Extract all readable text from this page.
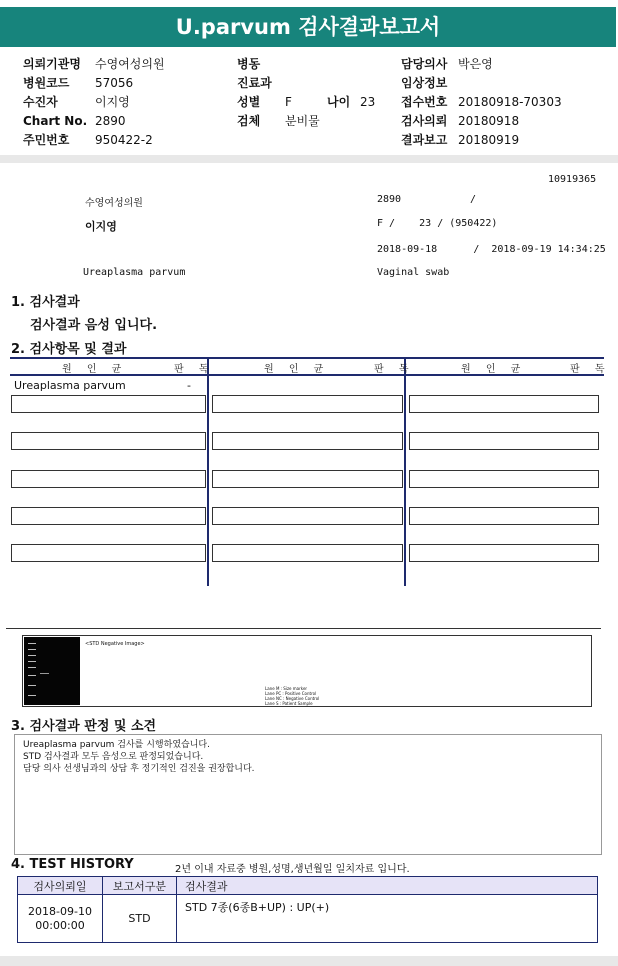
U.parvum 검사결과보고서
의뢰기관명 수영여성의원
병원코드 57056
수진자	이지영
Chart No. 2890
주민번호 950422-2
병동
진료과
성별 F	나이 23
검체 분비물
담당의사 박은영
임상정보
접수번호 20180918-70303
검사의뢰 20180918
결과보고 20180919
10919365
수영여성의원	2890	/
이지영	F /    23 / (950422)
2018-09-18      /  2018-09-19 14:34:25
Ureaplasma parvum	Vaginal swab
1. 검사결과
검사결과 음성 입니다.
2. 검사항목 및 결과
원 인 균	판 독	원 인 균	판 독	원 인 균	판 독
Ureaplasma parvum	-
<STD Negative Image>
Lane M : Size marker
Lane PC : Positive Control
Lane NC : Negative Control
Lane S : Patient Sample
3. 검사결과 판정 및 소견
Ureaplasma parvum 검사를 시행하였습니다.
STD 검사결과 모두 음성으로 판정되었습니다.
담당 의사 선생님과의 상담 후 정기적인 검진을 권장합니다.
4. TEST HISTORY	2년 이내 자료중 병원,성명,생년월일 일치자료 입니다.
검사의뢰일	보고서구분	검사결과

2018-09-10
00:00:00	STD	STD 7종(6종B+UP) : UP(+)
